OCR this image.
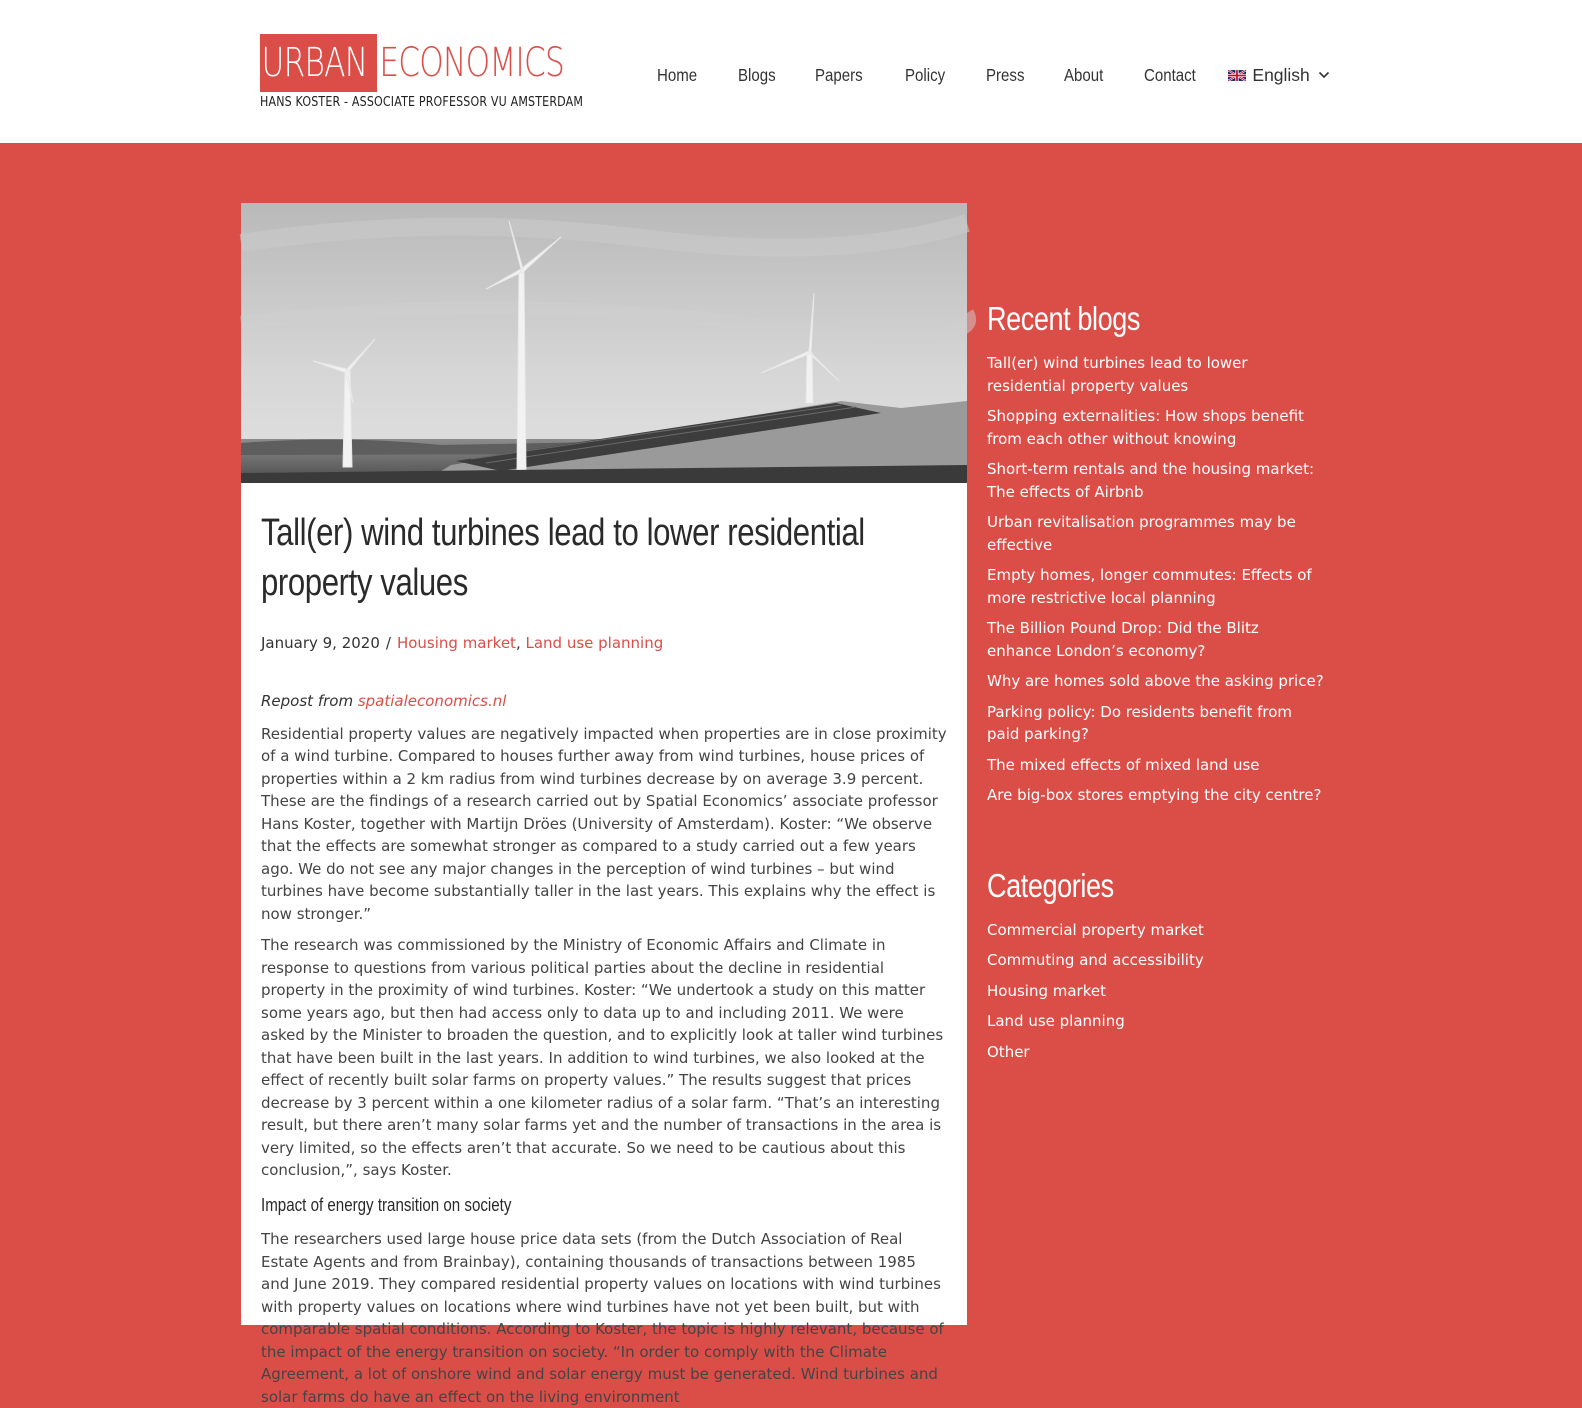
URBAN ECONOMICS
HANS KOSTER - ASSOCIATE PROFESSOR VU AMSTERDAM
Home Blogs Papers Policy Press About Contact	English
Tall(er) wind turbines lead to lower residential property values
January 9, 2020 / Housing market, Land use planning

Repost from spatialeconomics.nl

Residential property values are negatively impacted when properties are in close proximity of a wind turbine. Compared to houses further away from wind turbines, house prices of properties within a 2 km radius from wind turbines decrease by on average 3.9 percent. These are the findings of a research carried out by Spatial Economics’ associate professor Hans Koster, together with Martijn Dröes (University of Amsterdam). Koster: “We observe that the effects are somewhat stronger as compared to a study carried out a few years ago. We do not see any major changes in the perception of wind turbines – but wind turbines have become substantially taller in the last years. This explains why the effect is now stronger.”

The research was commissioned by the Ministry of Economic Affairs and Climate in response to questions from various political parties about the decline in residential property in the proximity of wind turbines. Koster: “We undertook a study on this matter some years ago, but then had access only to data up to and including 2011. We were asked by the Minister to broaden the question, and to explicitly look at taller wind turbines that have been built in the last years. In addition to wind turbines, we also looked at the effect of recently built solar farms on property values.” The results suggest that prices decrease by 3 percent within a one kilometer radius of a solar farm. “That’s an interesting result, but there aren’t many solar farms yet and the number of transactions in the area is very limited, so the effects aren’t that accurate. So we need to be cautious about this conclusion,”, says Koster.

Impact of energy transition on society

The researchers used large house price data sets (from the Dutch Association of Real Estate Agents and from Brainbay), containing thousands of transactions between 1985 and June 2019. They compared residential property values on locations with wind turbines with property values on locations where wind turbines have not yet been built, but with comparable spatial conditions. According to Koster, the topic is highly relevant, because of the impact of the energy transition on society. “In order to comply with the Climate Agreement, a lot of onshore wind and solar energy must be generated. Wind turbines and solar farms do have an effect on the living environment

Recent blogs
Tall(er) wind turbines lead to lower residential property values
Shopping externalities: How shops benefit from each other without knowing
Short-term rentals and the housing market: The effects of Airbnb
Urban revitalisation programmes may be effective
Empty homes, longer commutes: Effects of more restrictive local planning
The Billion Pound Drop: Did the Blitz enhance London’s economy?
Why are homes sold above the asking price?
Parking policy: Do residents benefit from paid parking?
The mixed effects of mixed land use
Are big-box stores emptying the city centre?
Categories
Commercial property market
Commuting and accessibility
Housing market
Land use planning
Other
